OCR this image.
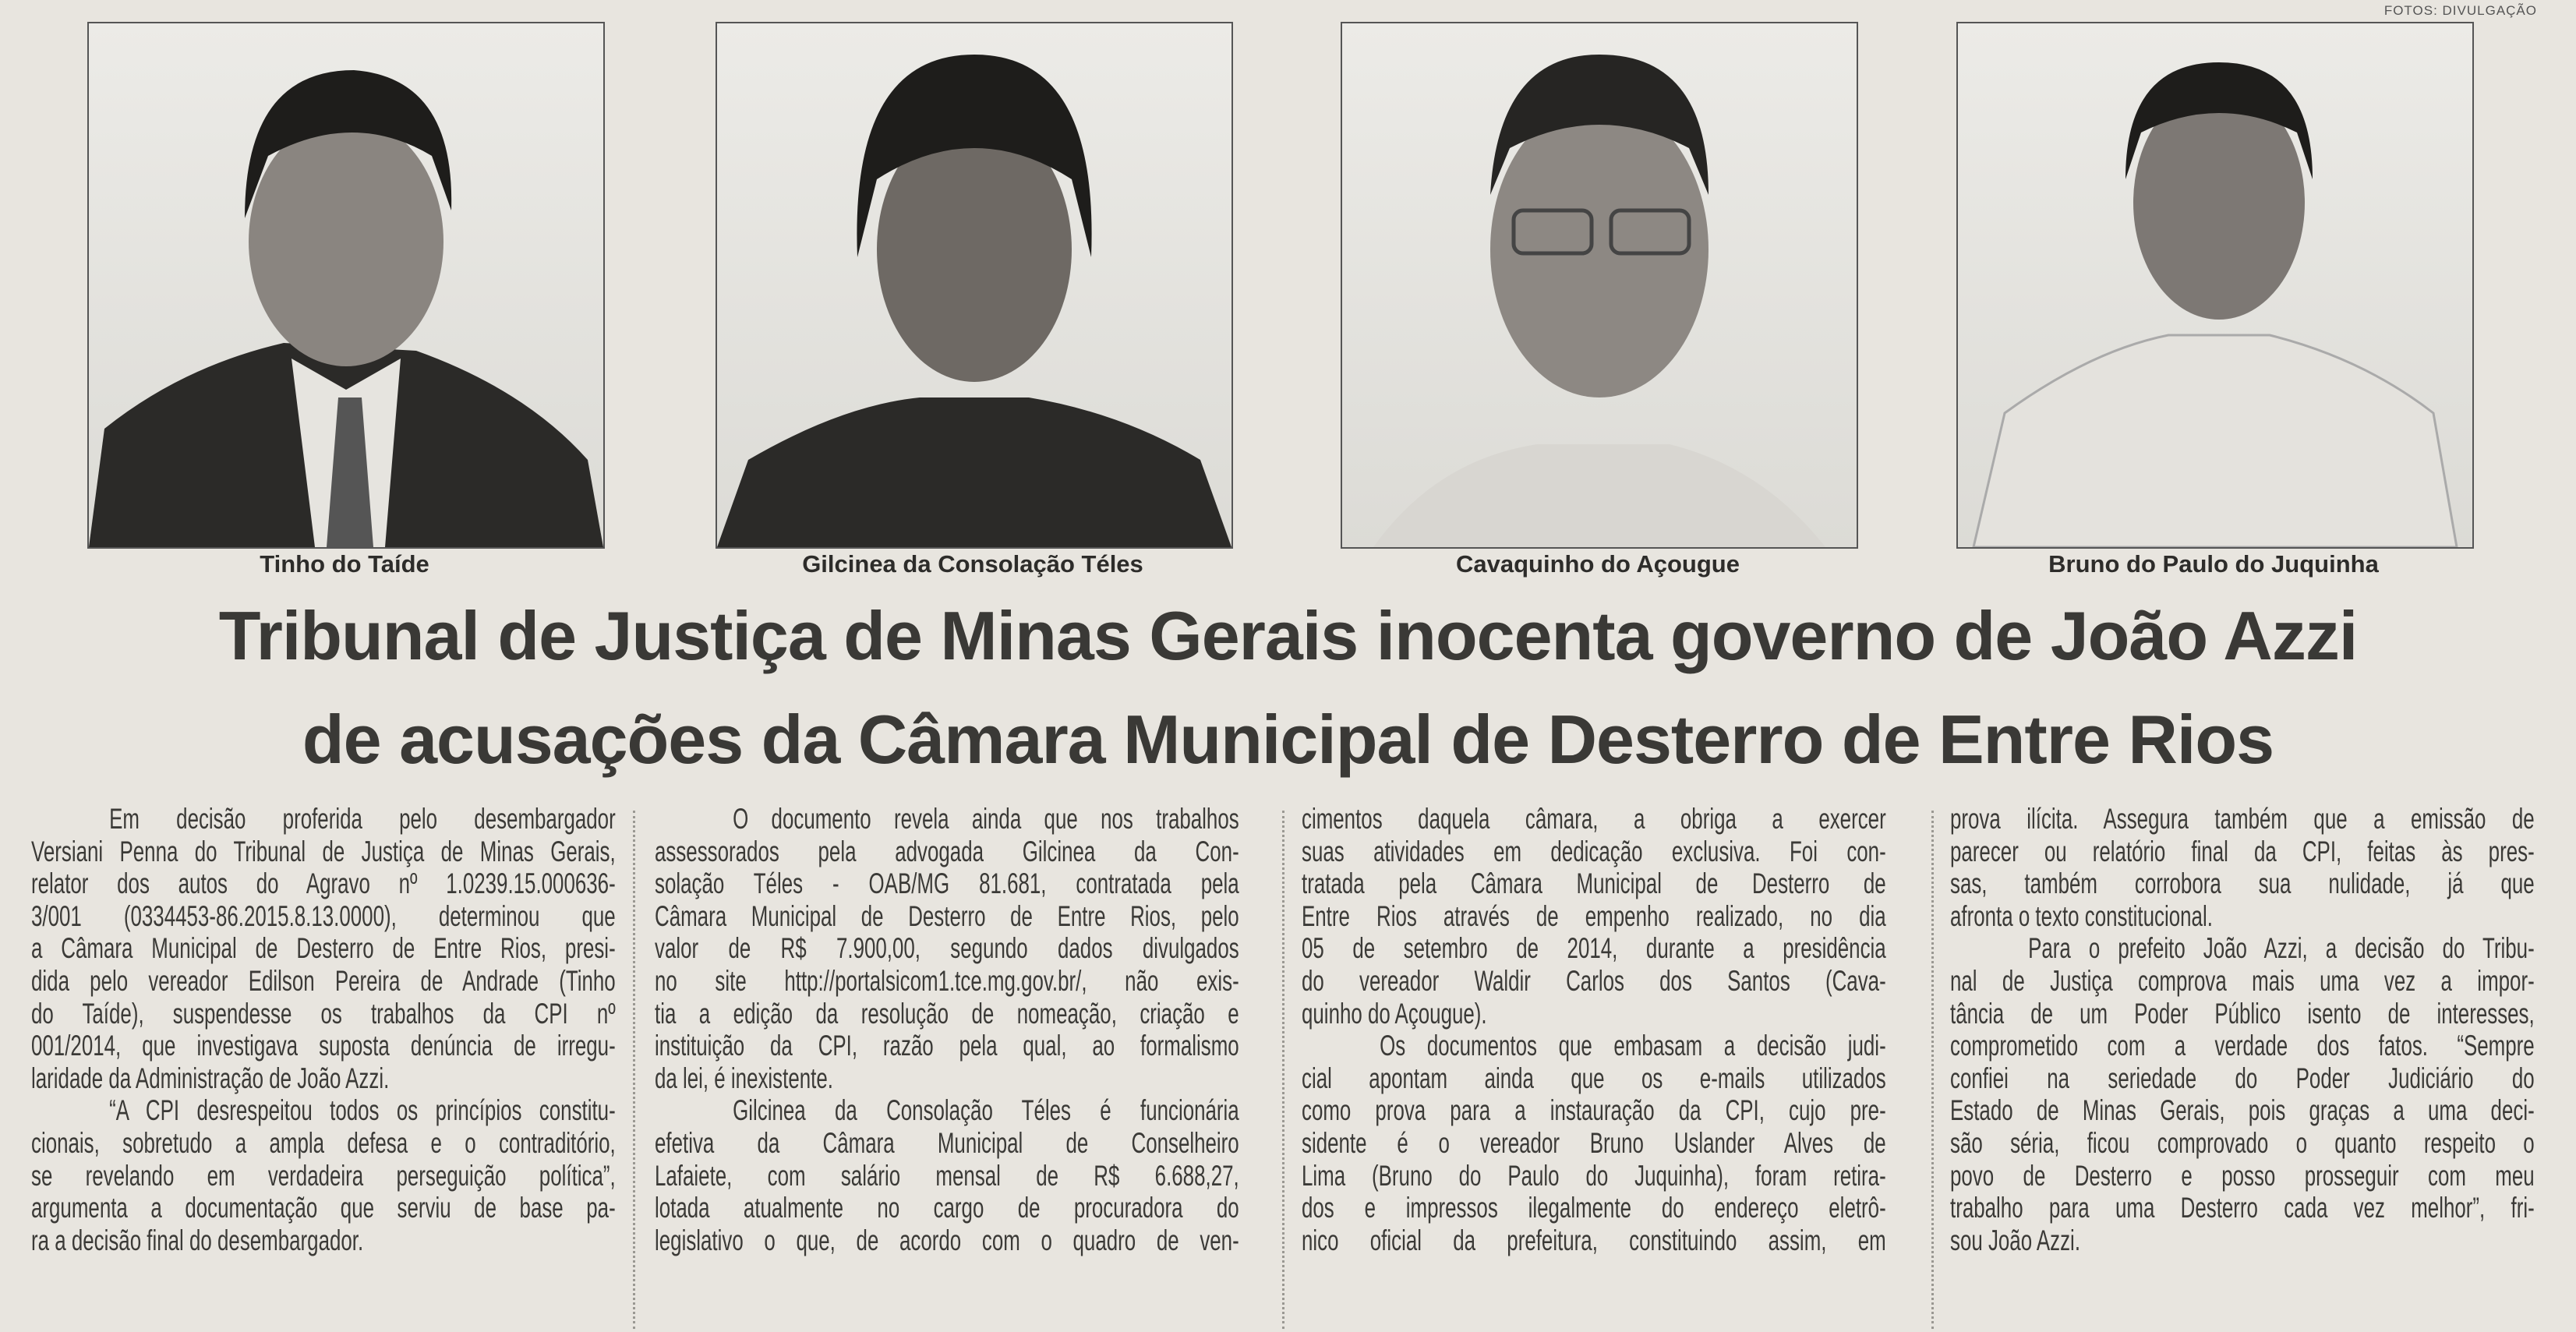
FOTOS: DIVULGAÇÃO
Tinho do Taíde	Gilcinea da Consolação Téles	Cavaquinho do Açougue	Bruno do Paulo do Juquinha
Tribunal de Justiça de Minas Gerais inocenta governo de João Azzi
de acusações da Câmara Municipal de Desterro de Entre Rios
Em decisão proferida pelo desembargador
Versiani Penna do Tribunal de Justiça de Minas Gerais,
relator dos autos do Agravo nº 1.0239.15.000636-
3/001 (0334453-86.2015.8.13.0000), determinou que
a Câmara Municipal de Desterro de Entre Rios, presi-
dida pelo vereador Edilson Pereira de Andrade (Tinho
do Taíde), suspendesse os trabalhos da CPI nº
001/2014, que investigava suposta denúncia de irregu-
laridade da Administração de João Azzi.
“A CPI desrespeitou todos os princípios constitu-
cionais, sobretudo a ampla defesa e o contraditório,
se revelando em verdadeira perseguição política”,
argumenta a documentação que serviu de base pa-
ra a decisão final do desembargador.
O documento revela ainda que nos trabalhos
assessorados pela advogada Gilcinea da Con-
solação Téles - OAB/MG 81.681, contratada pela
Câmara Municipal de Desterro de Entre Rios, pelo
valor de R$ 7.900,00, segundo dados divulgados
no site http://portalsicom1.tce.mg.gov.br/, não exis-
tia a edição da resolução de nomeação, criação e
instituição da CPI, razão pela qual, ao formalismo
da lei, é inexistente.
Gilcinea da Consolação Téles é funcionária
efetiva da Câmara Municipal de Conselheiro
Lafaiete, com salário mensal de R$ 6.688,27,
lotada atualmente no cargo de procuradora do
legislativo o que, de acordo com o quadro de ven-
cimentos daquela câmara, a obriga a exercer
suas atividades em dedicação exclusiva. Foi con-
tratada pela Câmara Municipal de Desterro de
Entre Rios através de empenho realizado, no dia
05 de setembro de 2014, durante a presidência
do vereador Waldir Carlos dos Santos (Cava-
quinho do Açougue).
Os documentos que embasam a decisão judi-
cial apontam ainda que os e-mails utilizados
como prova para a instauração da CPI, cujo pre-
sidente é o vereador Bruno Uslander Alves de
Lima (Bruno do Paulo do Juquinha), foram retira-
dos e impressos ilegalmente do endereço eletrô-
nico oficial da prefeitura, constituindo assim, em
prova ilícita. Assegura também que a emissão de
parecer ou relatório final da CPI, feitas às pres-
sas, também corrobora sua nulidade, já que
afronta o texto constitucional.
Para o prefeito João Azzi, a decisão do Tribu-
nal de Justiça comprova mais uma vez a impor-
tância de um Poder Público isento de interesses,
comprometido com a verdade dos fatos. “Sempre
confiei na seriedade do Poder Judiciário do
Estado de Minas Gerais, pois graças a uma deci-
são séria, ficou comprovado o quanto respeito o
povo de Desterro e posso prosseguir com meu
trabalho para uma Desterro cada vez melhor”, fri-
sou João Azzi.
